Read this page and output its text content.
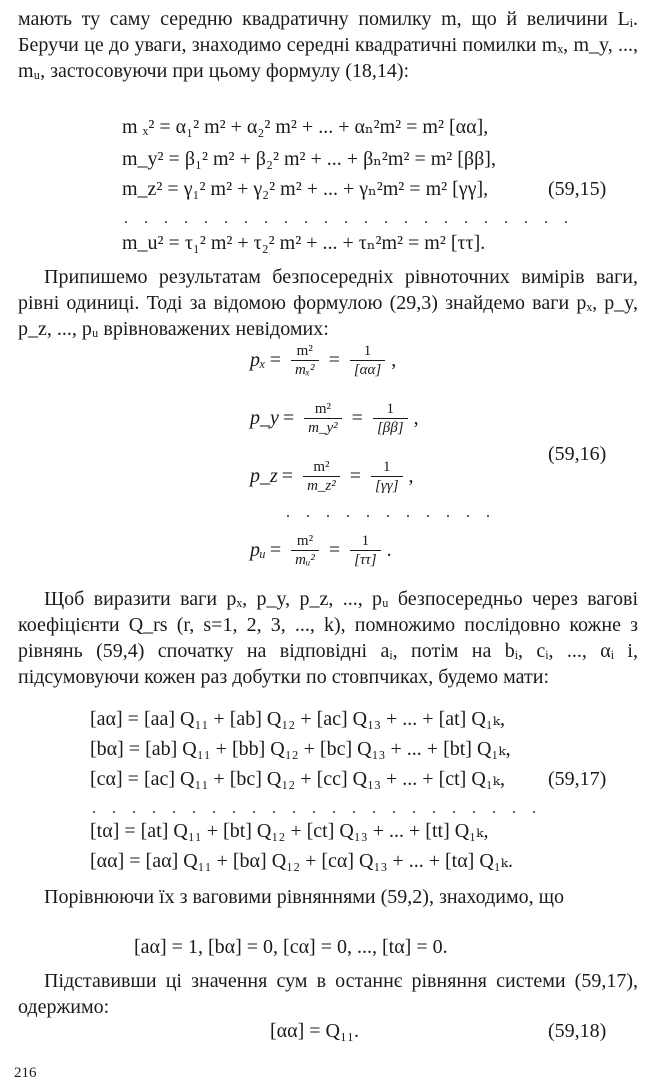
мають ту саму середню квадратичну помилку m, що й величини Lᵢ. Беручи це до уваги, знаходимо середні квадратичні помилки mₓ, m_y, ..., mᵤ, застосовуючи при цьому формулу (18,14):

m ₓ² = α₁² m² + α₂² m² + ... + αₙ²m² = m² [αα],
m_y² = β₁² m² + β₂² m² + ... + βₙ²m² = m² [ββ],
m_z² = γ₁² m² + γ₂² m² + ... + γₙ²m² = m² [γγ],	(59,15)
. . . . . . . . . . . . . . . . . . . . . . .
m_u² = τ₁² m² + τ₂² m² + ... + τₙ²m² = m² [ττ].

Припишемо результатам безпосередніх рівноточних вимірів ваги, рівні одиниці. Тоді за відомою формулою (29,3) знайдемо ваги pₓ, p_y, p_z, ..., pᵤ врівноважених невідомих:

$p_x = \frac{\text{m²}}{\text{mₓ²}} = \frac{1}{[\alpha\alpha]}$ ,
p_y = $\frac{\text{m²}}{\text{m\_y²}} = \frac{1}{[\beta\beta]}$ ,
p_z = $\frac{\text{m²}}{\text{m\_z²}} = \frac{1}{[\gamma\gamma]}$ ,
pᵤ = $\frac{\text{m²}}{\text{mᵤ²}} = \frac{1}{[\tau\tau]}$ .
(59,16)
. . . . . . . . . . .

Щоб виразити ваги pₓ, p_y, p_z, ..., pᵤ безпосередньо через вагові коефіцієнти Q_rs (r, s=1, 2, 3, ..., k), помножимо послідовно кожне з рівнянь (59,4) спочатку на відповідні aᵢ, потім на bᵢ, cᵢ, ..., αᵢ і, підсумовуючи кожен раз добутки по стовпчиках, будемо мати:

[aα] = [aa] Q₁₁ + [ab] Q₁₂ + [ac] Q₁₃ + ... + [at] Q₁ₖ,
[bα] = [ab] Q₁₁ + [bb] Q₁₂ + [bc] Q₁₃ + ... + [bt] Q₁ₖ,
[cα] = [ac] Q₁₁ + [bc] Q₁₂ + [cc] Q₁₃ + ... + [ct] Q₁ₖ, (59,17)
. . . . . . . . . . . . . . . . . . . . . . .
[tα] = [at] Q₁₁ + [bt] Q₁₂ + [ct] Q₁₃ + ... + [tt] Q₁ₖ,
[αα] = [aα] Q₁₁ + [bα] Q₁₂ + [cα] Q₁₃ + ... + [tα] Q₁ₖ.

Порівнюючи їх з ваговими рівняннями (59,2), знаходимо, що

[aα] = 1, [bα] = 0, [cα] = 0, ..., [tα] = 0.

Підставивши ці значення сум в останнє рівняння системи (59,17), одержимо:

[αα] = Q₁₁.	(59,18)
216
